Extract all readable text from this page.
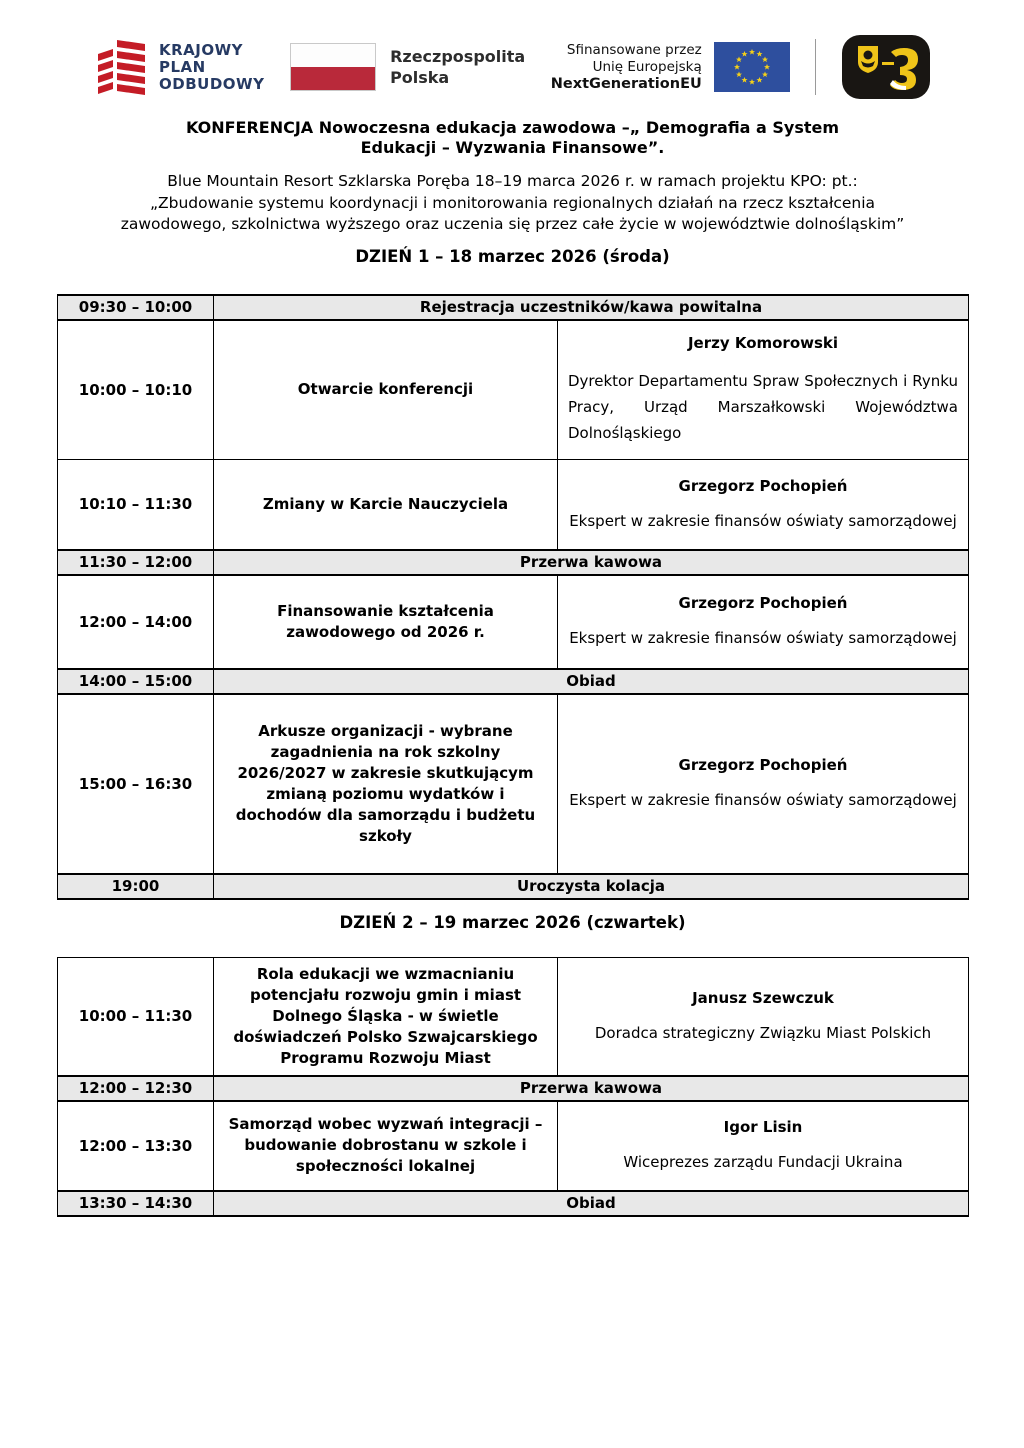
KRAJOWY
PLAN
ODBUDOWY
Rzeczpospolita
Polska
Sfinansowane przez
Unię Europejską
NextGenerationEU
KONFERENCJA Nowoczesna edukacja zawodowa –„ Demografia a System
Edukacji – Wyzwania Finansowe”.
Blue Mountain Resort Szklarska Poręba 18–19 marca 2026 r. w ramach projektu KPO: pt.:
„Zbudowanie systemu koordynacji i monitorowania regionalnych działań na rzecz kształcenia
zawodowego, szkolnictwa wyższego oraz uczenia się przez całe życie w województwie dolnośląskim”
DZIEŃ 1 – 18 marzec 2026 (środa)
09:30 – 10:00	Rejestracja uczestników/kawa powitalna	
10:00 – 10:10	Otwarcie konferencji	Jerzy Komorowski
Dyrektor Departamentu Spraw Społecznych i Rynku Pracy, Urząd Marszałkowski Województwa Dolnośląskiego

10:10 – 11:30	Zmiany w Karcie Nauczyciela	Grzegorz Pochopień
Ekspert w zakresie finansów oświaty samorządowej

11:30 – 12:00	Przerwa kawowa	
12:00 – 14:00	Finansowanie kształcenia zawodowego od 2026 r.	Grzegorz Pochopień
Ekspert w zakresie finansów oświaty samorządowej

14:00 – 15:00	Obiad	
15:00 – 16:30	Arkusze organizacji - wybrane zagadnienia na rok szkolny 2026/2027 w zakresie skutkującym zmianą poziomu wydatków i dochodów dla samorządu i budżetu szkoły	Grzegorz Pochopień
Ekspert w zakresie finansów oświaty samorządowej

19:00	Uroczysta kolacja	
DZIEŃ 2 – 19 marzec 2026 (czwartek)
10:00 – 11:30	Rola edukacji we wzmacnianiu potencjału rozwoju gmin i miast Dolnego Śląska - w świetle doświadczeń Polsko Szwajcarskiego Programu Rozwoju Miast	Janusz Szewczuk
Doradca strategiczny Związku Miast Polskich

12:00 – 12:30	Przerwa kawowa	
12:00 – 13:30	Samorząd wobec wyzwań integracji – budowanie dobrostanu w szkole i społeczności lokalnej	Igor Lisin
Wiceprezes zarządu Fundacji Ukraina

13:30 – 14:30	Obiad	
